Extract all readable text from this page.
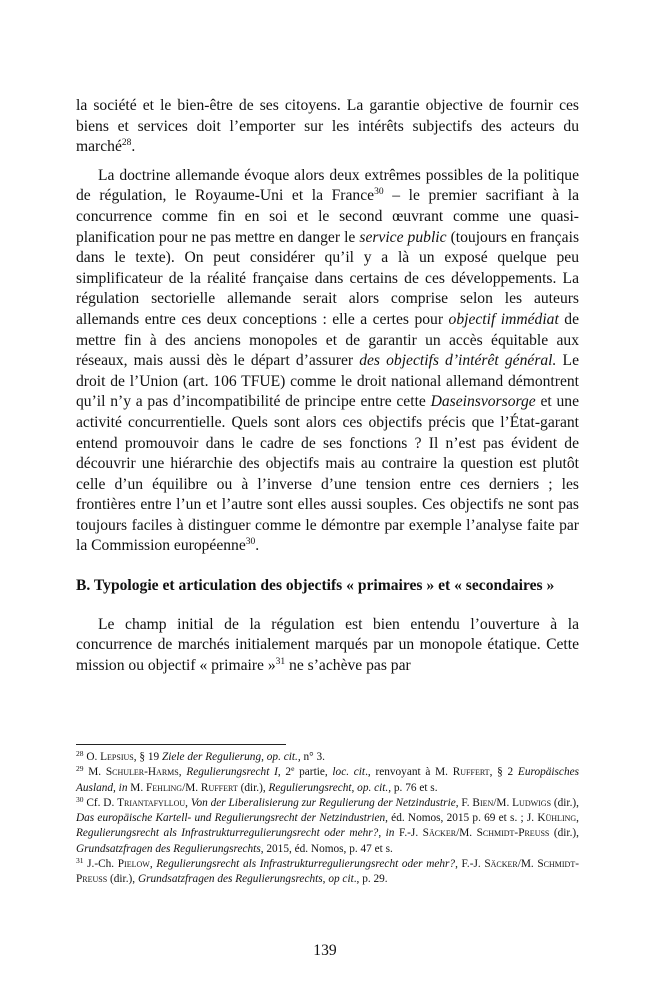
la société et le bien-être de ses citoyens. La garantie objective de fournir ces biens et services doit l’emporter sur les intérêts subjectifs des acteurs du marché$^{28}$.

La doctrine allemande évoque alors deux extrêmes possibles de la politique de régulation, le Royaume-Uni et la France$^{30}$ – le premier sacrifiant à la concurrence comme fin en soi et le second œuvrant comme une quasi-planification pour ne pas mettre en danger le service public (toujours en français dans le texte). On peut considérer qu’il y a là un exposé quelque peu simplificateur de la réalité française dans certains de ces développements. La régulation sectorielle allemande serait alors comprise selon les auteurs allemands entre ces deux conceptions : elle a certes pour objectif immédiat de mettre fin à des anciens monopoles et de garantir un accès équitable aux réseaux, mais aussi dès le départ d’assurer des objectifs d’intérêt général. Le droit de l’Union (art. 106 TFUE) comme le droit national allemand démontrent qu’il n’y a pas d’incompatibilité de principe entre cette Daseinsvorsorge et une activité concurrentielle. Quels sont alors ces objectifs précis que l’État-garant entend promouvoir dans le cadre de ses fonctions ? Il n’est pas évident de découvrir une hiérarchie des objectifs mais au contraire la question est plutôt celle d’un équilibre ou à l’inverse d’une tension entre ces derniers ; les frontières entre l’un et l’autre sont elles aussi souples. Ces objectifs ne sont pas toujours faciles à distinguer comme le démontre par exemple l’analyse faite par la Commission européenne$^{30}$.

B. Typologie et articulation des objectifs « primaires » et « secondaires »

Le champ initial de la régulation est bien entendu l’ouverture à la concurrence de marchés initialement marqués par un monopole étatique. Cette mission ou objectif « primaire »$^{31}$ ne s’achève pas par

$^{28}$ O. Lepsius, § 19 Ziele der Regulierung, op. cit., n° 3.

$^{29}$ M. Schuler-Harms, Regulierungsrecht I, 2e partie, loc. cit., renvoyant à M. Ruffert, § 2 Europäisches Ausland, in M. Fehling/M. Ruffert (dir.), Regulierungsrecht, op. cit., p. 76 et s.

$^{30}$ Cf. D. Triantafyllou, Von der Liberalisierung zur Regulierung der Netzindustrie, F. Bien/M. Ludwigs (dir.), Das europäische Kartell- und Regulierungsrecht der Netzindustrien, éd. Nomos, 2015 p. 69 et s. ; J. Kühling, Regulierungsrecht als Infrastrukturregulierungsrecht oder mehr?, in F.-J. Säcker/M. Schmidt-Preuss (dir.), Grundsatzfragen des Regulierungsrechts, 2015, éd. Nomos, p. 47 et s.

$^{31}$ J.-Ch. Pielow, Regulierungsrecht als Infrastrukturregulierungsrecht oder mehr?, F.-J. Säcker/M. Schmidt-Preuss (dir.), Grundsatzfragen des Regulierungsrechts, op cit., p. 29.

139
